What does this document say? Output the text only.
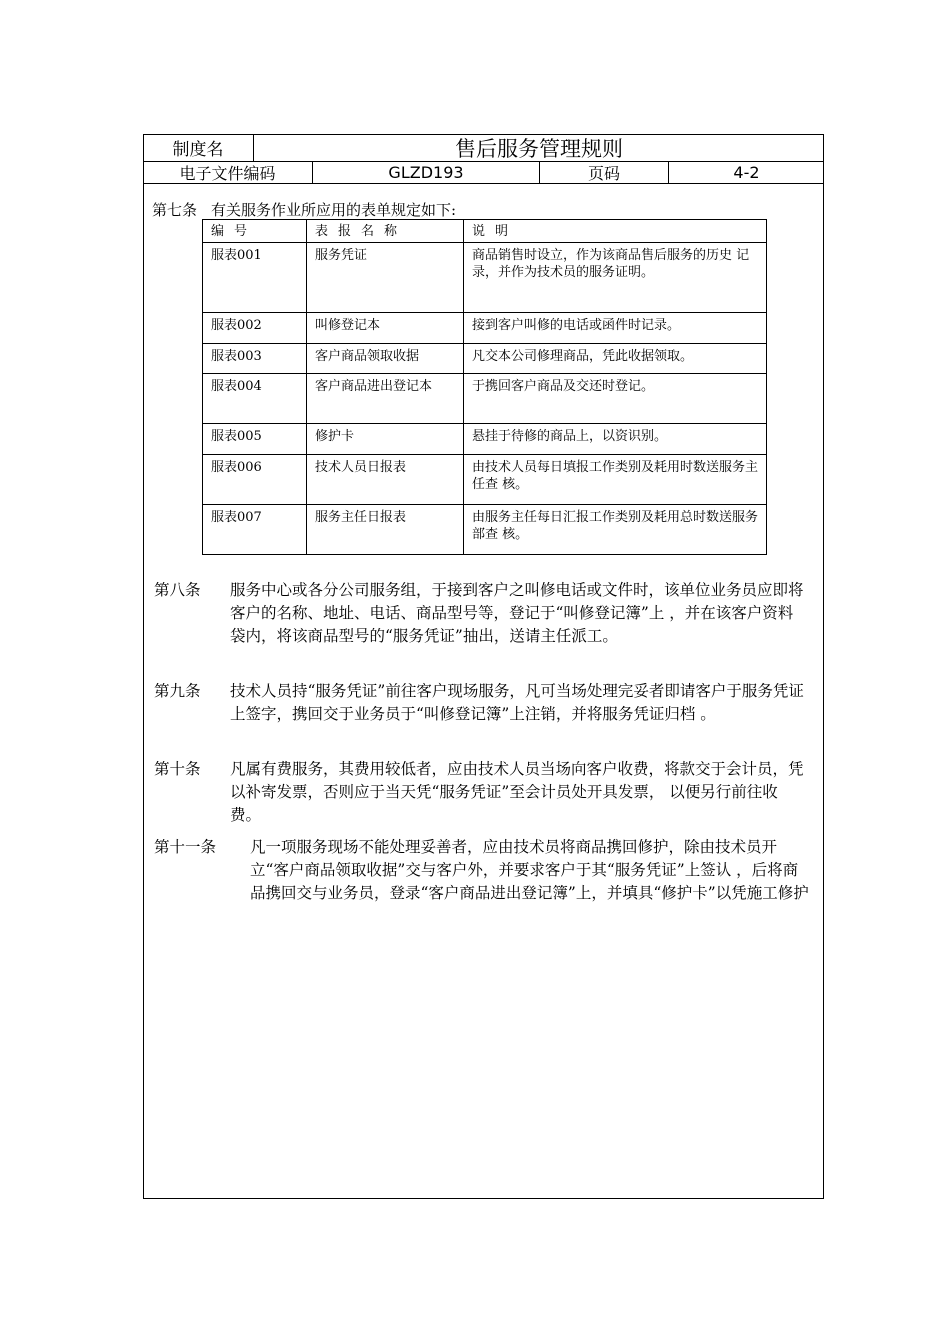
制度名	售后服务管理规则
电子文件编码	GLZD193	页码	4-2
第七条 有关服务作业所应用的表单规定如下:
编号	表报名称	说明
服表001	服务凭证	商品销售时设立，作为该商品售后服务的历史 记录，并作为技术员的服务证明。
服表002	叫修登记本	接到客户叫修的电话或函件时记录。
服表003	客户商品领取收据	凡交本公司修理商品，凭此收据领取。
服表004	客户商品进出登记本	于携回客户商品及交还时登记。
服表005	修护卡	悬挂于待修的商品上，以资识别。
服表006	技术人员日报表	由技术人员每日填报工作类别及耗用时数送服务主任查 核。
服表007	服务主任日报表	由服务主任每日汇报工作类别及耗用总时数送服务部查 核。
第八条 服务中心或各分公司服务组，于接到客户之叫修电话或文件时，该单位业务员应即将客户的名称、地址、电话、商品型号等，登记于“叫修登记簿”上 ，并在该客户资料袋内，将该商品型号的“服务凭证”抽出，送请主任派工。
第九条 技术人员持“服务凭证”前往客户现场服务，凡可当场处理完妥者即请客户于服务凭证上签字，携回交于业务员于“叫修登记簿”上注销，并将服务凭证归档 。
第十条 凡属有费服务，其费用较低者，应由技术人员当场向客户收费，将款交于会计员，凭以补寄发票，否则应于当天凭“服务凭证”至会计员处开具发票， 以便另行前往收费。
第十一条 凡一项服务现场不能处理妥善者，应由技术员将商品携回修护，除由技术员开立“客户商品领取收据”交与客户外，并要求客户于其“服务凭证”上签认 ，后将商品携回交与业务员，登录“客户商品进出登记簿”上，并填具“修护卡”以凭施工修护
